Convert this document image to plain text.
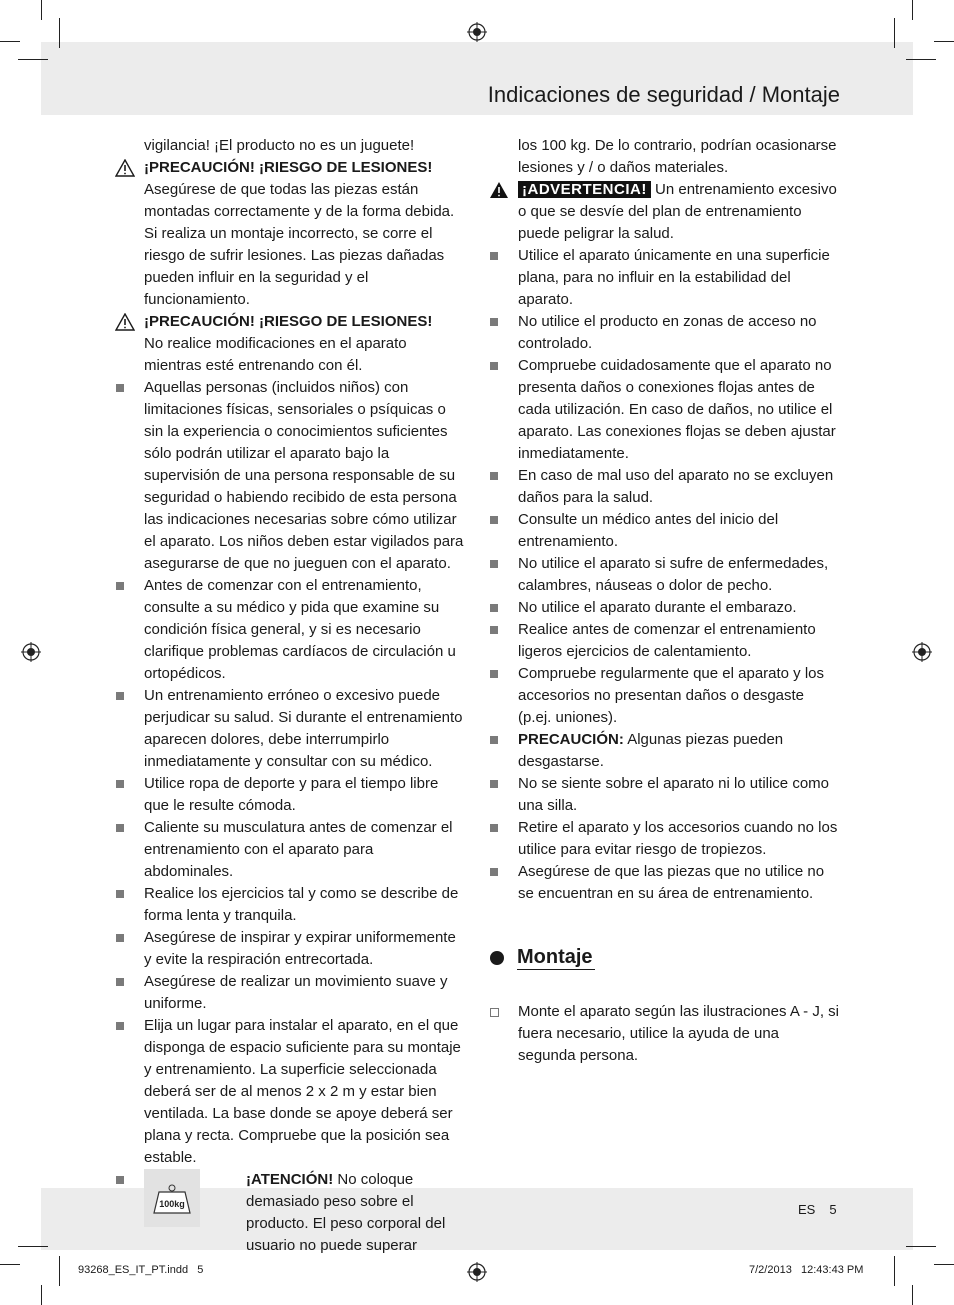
Indicaciones de seguridad / Montaje

vigilancia! ¡El producto no es un juguete!

¡PRECAUCIÓN! ¡RIESGO DE LESIONES!
Asegúrese de que todas las piezas están montadas correctamente y de la forma debida. Si realiza un montaje incorrecto, se corre el riesgo de sufrir lesiones. Las piezas dañadas pueden influir en la seguridad y el funcionamiento.
¡PRECAUCIÓN! ¡RIESGO DE LESIONES!
No realice modificaciones en el aparato mientras esté entrenando con él.
Aquellas personas (incluidos niños) con limitaciones físicas, sensoriales o psíquicas o sin la experiencia o conocimientos suficientes sólo podrán utilizar el aparato bajo la supervisión de una persona responsable de su seguridad o habiendo recibido de esta persona las indicaciones necesarias sobre cómo utilizar el aparato. Los niños deben estar vigilados para asegurarse de que no jueguen con el aparato.
Antes de comenzar con el entrenamiento, consulte a su médico y pida que examine su condición física general, y si es necesario clarifique problemas cardíacos de circulación u ortopédicos.
Un entrenamiento erróneo o excesivo puede perjudicar su salud. Si durante el entrenamiento aparecen dolores, debe interrumpirlo inmediatamente y consultar con su médico.
Utilice ropa de deporte y para el tiempo libre que le resulte cómoda.
Caliente su musculatura antes de comenzar el entrenamiento con el aparato para abdominales.
Realice los ejercicios tal y como se describe de forma lenta y tranquila.
Asegúrese de inspirar y expirar uniformemente y evite la respiración entrecortada.
Asegúrese de realizar un movimiento suave y uniforme.
Elija un lugar para instalar el aparato, en el que disponga de espacio suficiente para su montaje y entrenamiento. La superficie seleccionada deberá ser de al menos 2 x 2 m y estar bien ventilada. La base donde se apoye deberá ser plana y recta. Compruebe que la posición sea estable.
100kg
¡ATENCIÓN! No coloque demasiado peso sobre el producto. El peso corporal del usuario no puede superar

los 100 kg. De lo contrario, podrían ocasionarse lesiones y / o daños materiales.

¡ADVERTENCIA! Un entrenamiento excesivo o que se desvíe del plan de entrenamiento puede peligrar la salud.
Utilice el aparato únicamente en una superficie plana, para no influir en la estabilidad del aparato.
No utilice el producto en zonas de acceso no controlado.
Compruebe cuidadosamente que el aparato no presenta daños o conexiones flojas antes de cada utilización. En caso de daños, no utilice el aparato. Las conexiones flojas se deben ajustar inmediatamente.
En caso de mal uso del aparato no se excluyen daños para la salud.
Consulte un médico antes del inicio del entrenamiento.
No utilice el aparato si sufre de enfermedades, calambres, náuseas o dolor de pecho.
No utilice el aparato durante el embarazo.
Realice antes de comenzar el entrenamiento ligeros ejercicios de calentamiento.
Compruebe regularmente que el aparato y los accesorios no presentan daños o desgaste (p.ej. uniones).
PRECAUCIÓN: Algunas piezas pueden desgastarse.
No se siente sobre el aparato ni lo utilice como una silla.
Retire el aparato y los accesorios cuando no los utilice para evitar riesgo de tropiezos.
Asegúrese de que las piezas que no utilice no se encuentran en su área de entrenamiento.
Montaje
Monte el aparato según las ilustraciones A - J, si fuera necesario, utilice la ayuda de una segunda persona.
ES 5
93268_ES_IT_PT.indd   5	7/2/2013   12:43:43 PM
